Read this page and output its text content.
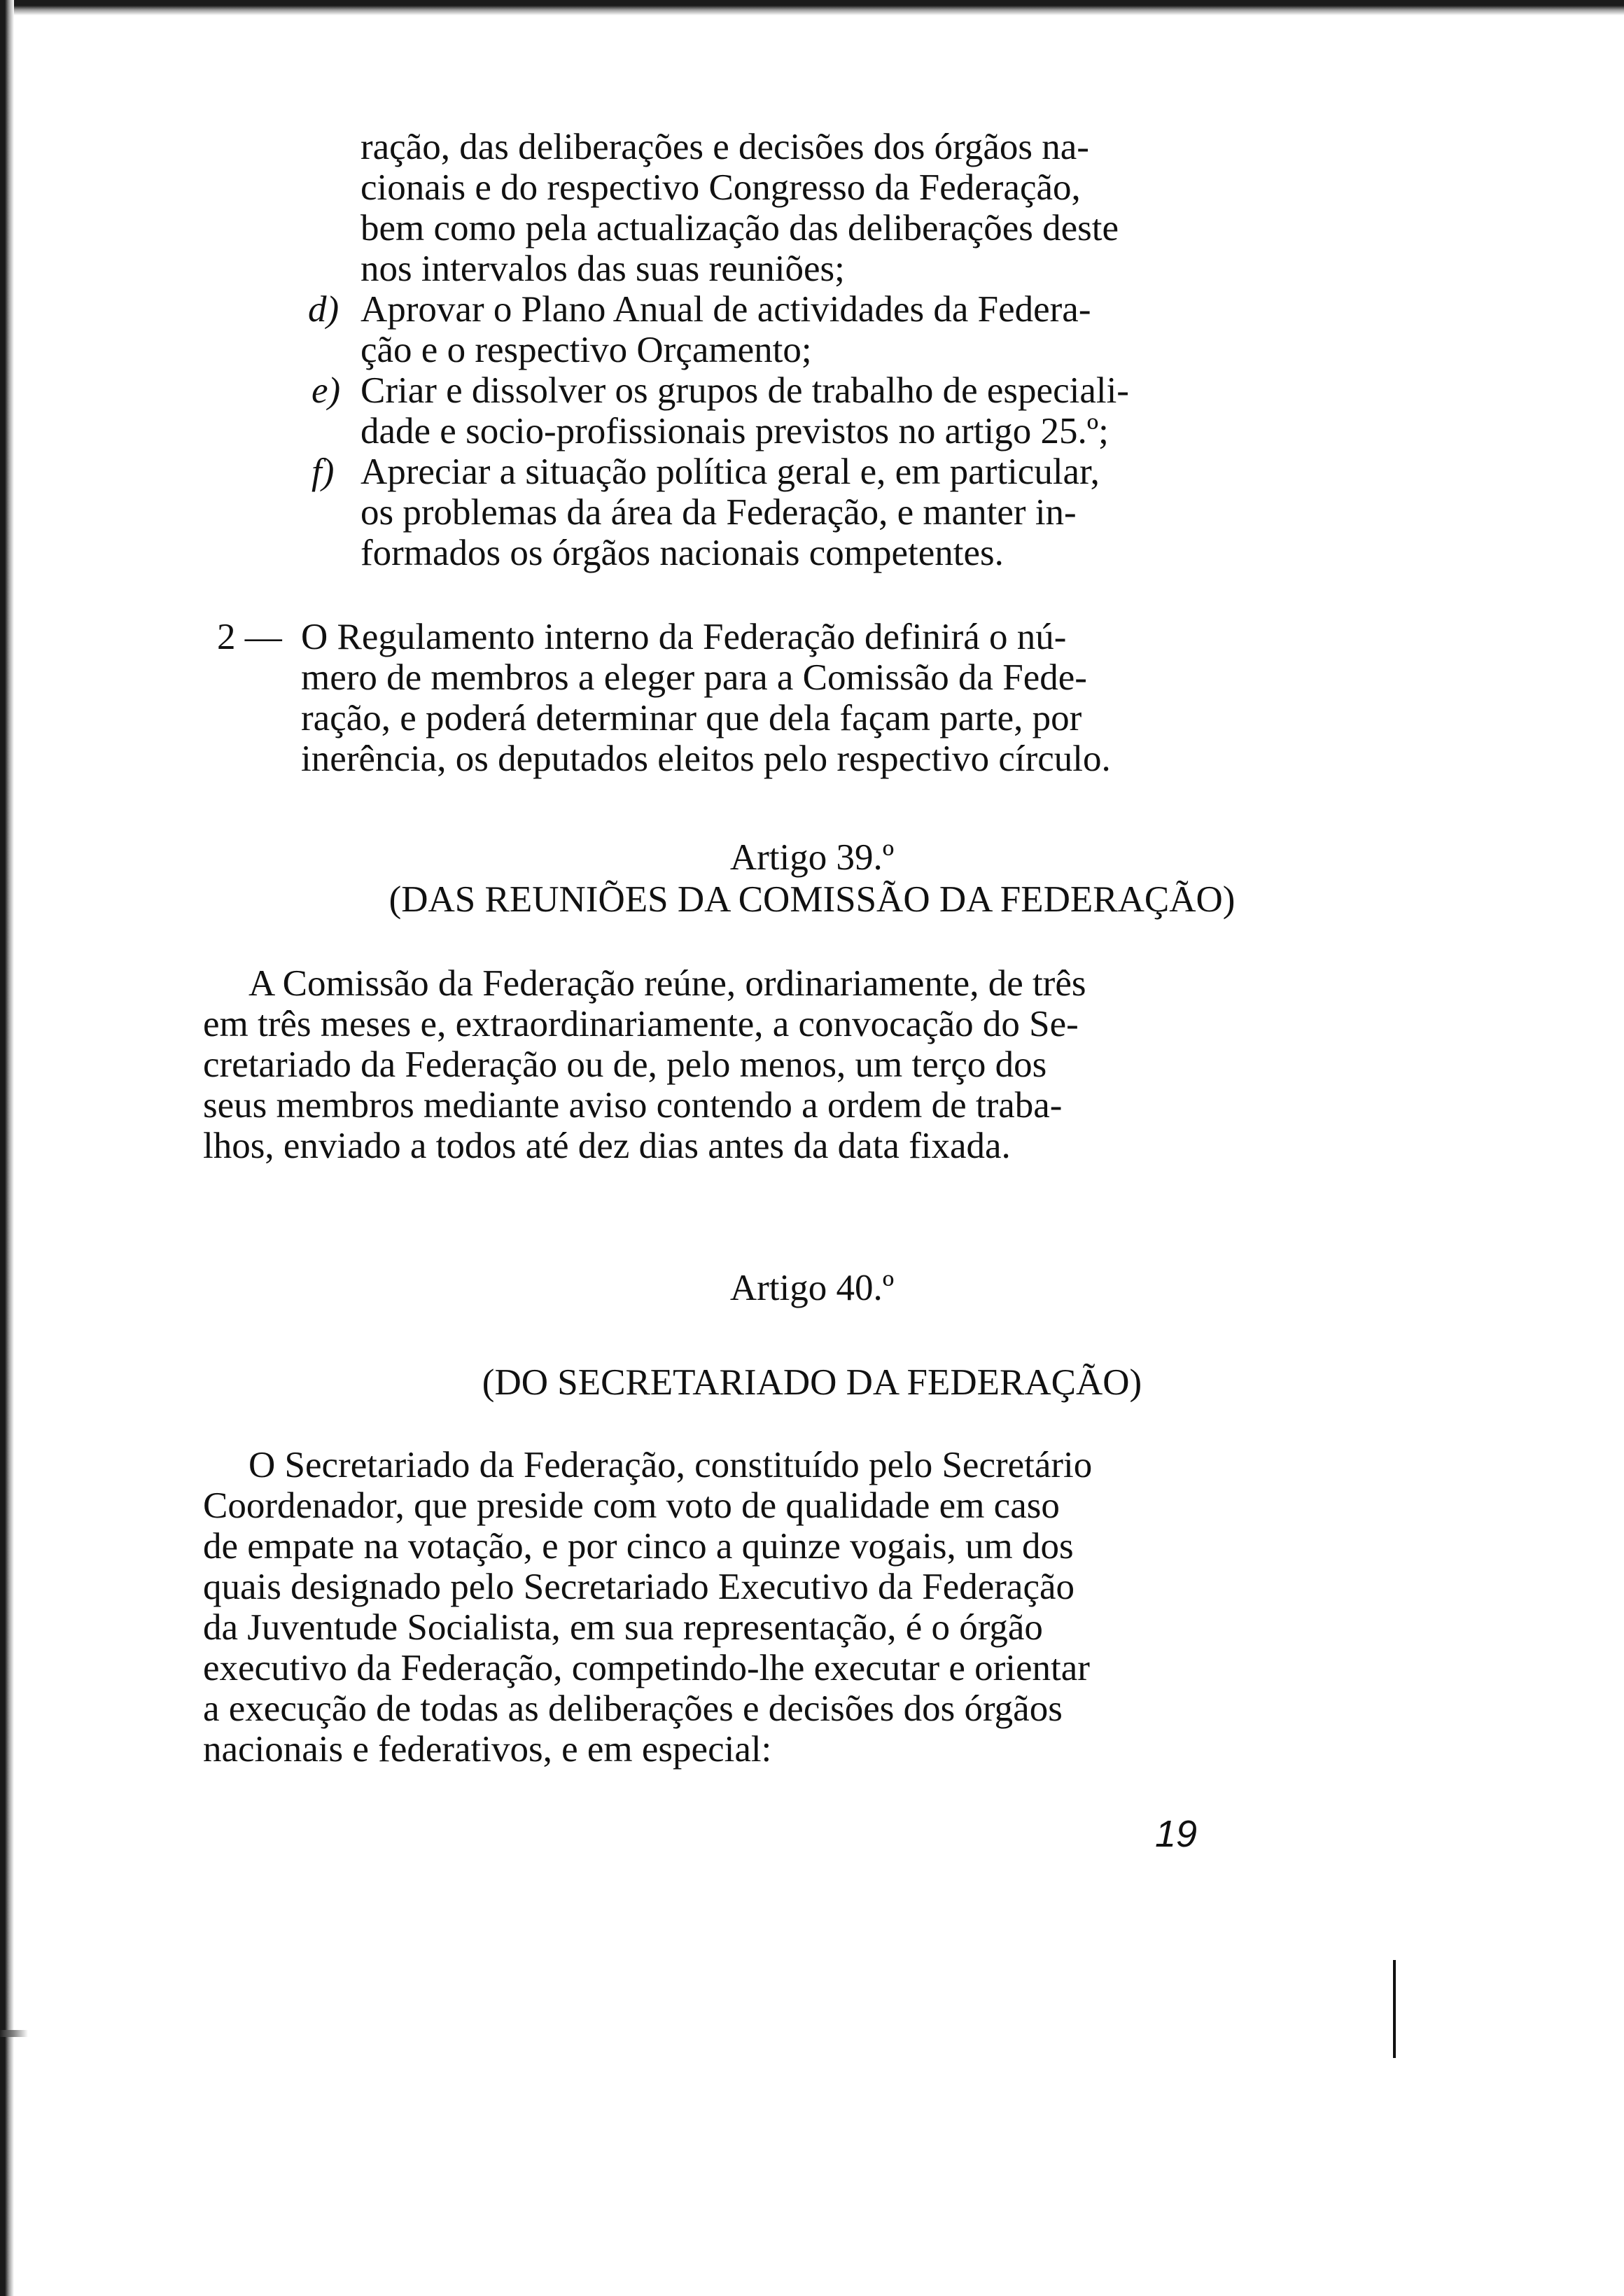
ração, das deliberações e decisões dos órgãos na-
cionais e do respectivo Congresso da Federação,
bem como pela actualização das deliberações deste
nos intervalos das suas reuniões;
d) Aprovar o Plano Anual de actividades da Federa-
ção e o respectivo Orçamento;
e) Criar e dissolver os grupos de trabalho de especiali-
dade e socio-profissionais previstos no artigo 25.º;
f) Apreciar a situação política geral e, em particular,
os problemas da área da Federação, e manter in-
formados os órgãos nacionais competentes.
2 — O Regulamento interno da Federação definirá o nú-
mero de membros a eleger para a Comissão da Fede-
ração, e poderá determinar que dela façam parte, por
inerência, os deputados eleitos pelo respectivo círculo.
Artigo 39.º
(DAS REUNIÕES DA COMISSÃO DA FEDERAÇÃO)
A Comissão da Federação reúne, ordinariamente, de três
em três meses e, extraordinariamente, a convocação do Se-
cretariado da Federação ou de, pelo menos, um terço dos
seus membros mediante aviso contendo a ordem de traba-
lhos, enviado a todos até dez dias antes da data fixada.
Artigo 40.º
(DO SECRETARIADO DA FEDERAÇÃO)
O Secretariado da Federação, constituído pelo Secretário
Coordenador, que preside com voto de qualidade em caso
de empate na votação, e por cinco a quinze vogais, um dos
quais designado pelo Secretariado Executivo da Federação
da Juventude Socialista, em sua representação, é o órgão
executivo da Federação, competindo-lhe executar e orientar
a execução de todas as deliberações e decisões dos órgãos
nacionais e federativos, e em especial:
19
